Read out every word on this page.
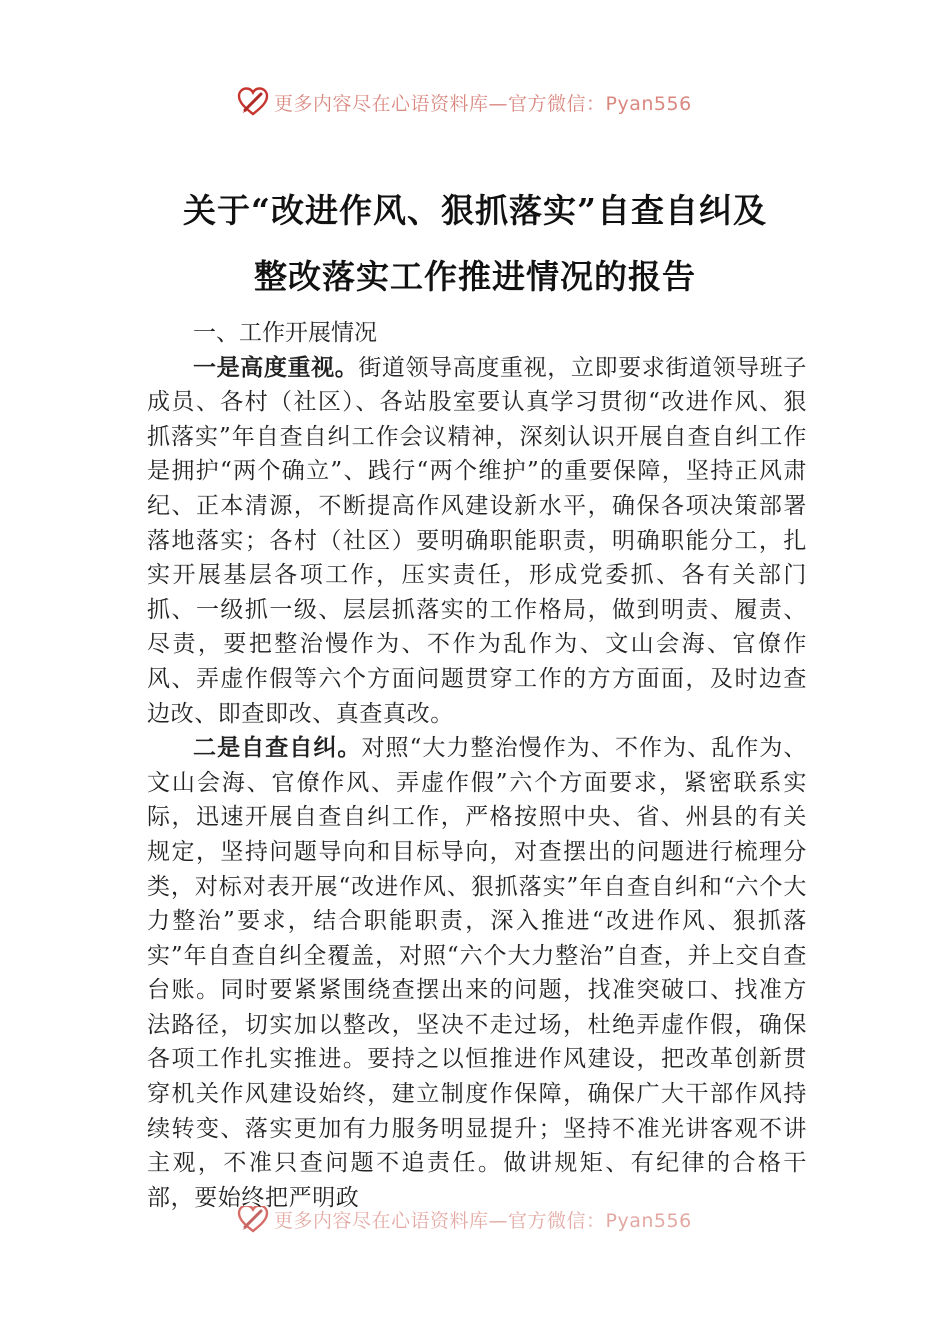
更多内容尽在心语资料库—官方微信：Pyan556
关于“改进作风、狠抓落实”自查自纠及
整改落实工作推进情况的报告
一、工作开展情况

一是高度重视。街道领导高度重视，立即要求街道领导班子成员、各村（社区）、各站股室要认真学习贯彻“改进作风、狠抓落实”年自查自纠工作会议精神，深刻认识开展自查自纠工作是拥护“两个确立”、践行“两个维护”的重要保障，坚持正风肃纪、正本清源，不断提高作风建设新水平，确保各项决策部署落地落实；各村（社区）要明确职能职责，明确职能分工，扎实开展基层各项工作，压实责任，形成党委抓、各有关部门抓、一级抓一级、层层抓落实的工作格局，做到明责、履责、尽责，要把整治慢作为、不作为乱作为、文山会海、官僚作风、弄虚作假等六个方面问题贯穿工作的方方面面，及时边查边改、即查即改、真查真改。

二是自查自纠。对照“大力整治慢作为、不作为、乱作为、文山会海、官僚作风、弄虚作假”六个方面要求，紧密联系实际，迅速开展自查自纠工作，严格按照中央、省、州县的有关规定，坚持问题导向和目标导向，对查摆出的问题进行梳理分类，对标对表开展“改进作风、狠抓落实”年自查自纠和“六个大力整治”要求，结合职能职责，深入推进“改进作风、狠抓落实”年自查自纠全覆盖，对照“六个大力整治”自查，并上交自查台账。同时要紧紧围绕查摆出来的问题，找准突破口、找准方法路径，切实加以整改，坚决不走过场，杜绝弄虚作假，确保各项工作扎实推进。要持之以恒推进作风建设，把改革创新贯穿机关作风建设始终，建立制度作保障，确保广大干部作风持续转变、落实更加有力服务明显提升；坚持不准光讲客观不讲主观，不准只查问题不追责任。做讲规矩、有纪律的合格干部，要始终把严明政

更多内容尽在心语资料库—官方微信：Pyan556
